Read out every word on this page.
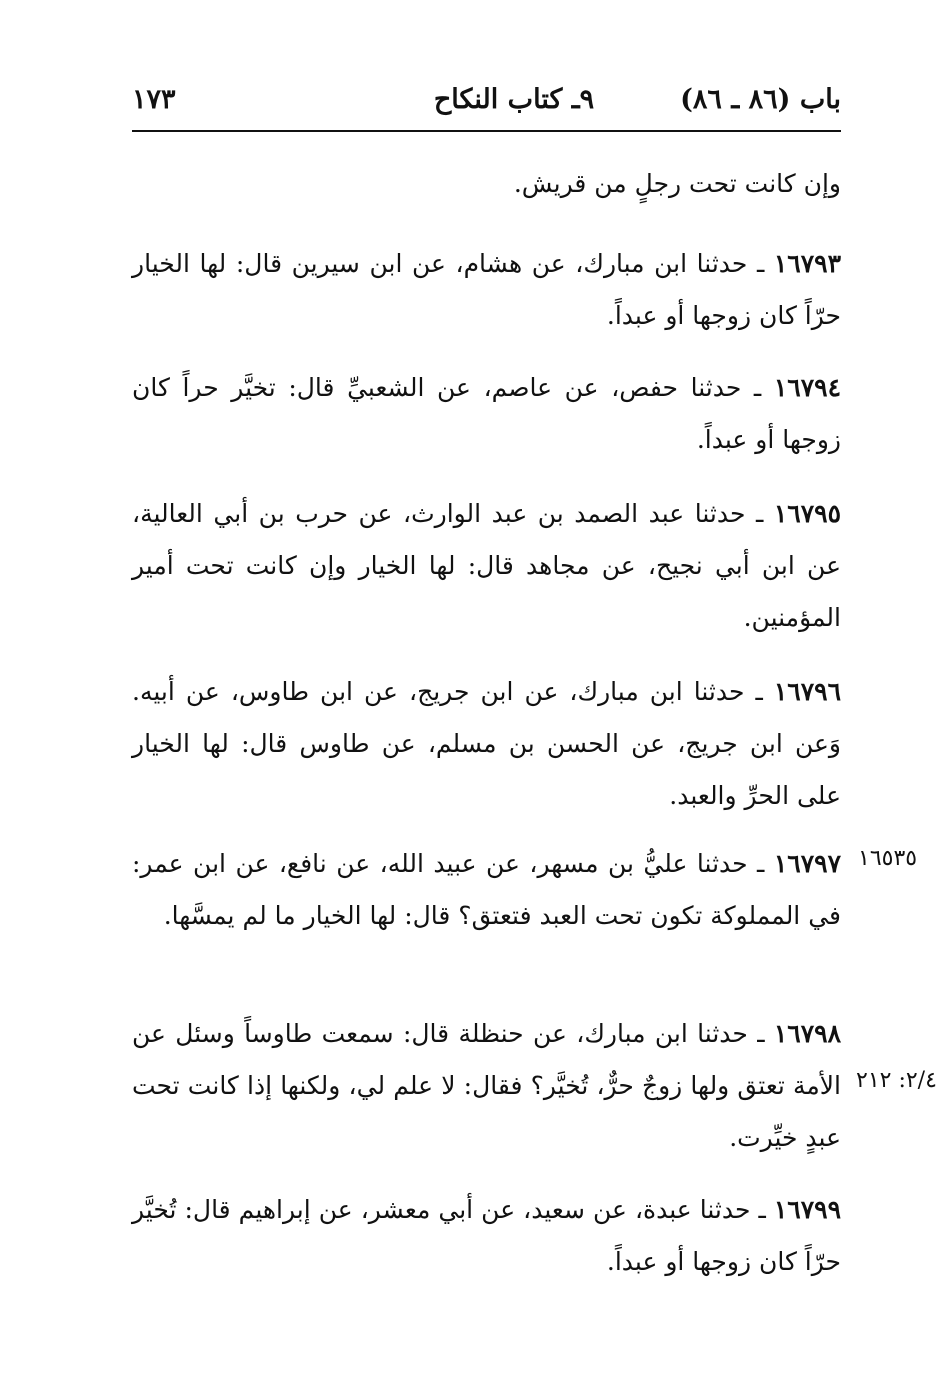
باب (٨٦ ـ ٨٦)
٩ـ كتاب النكاح
١٧٣

وإن كانت تحت رجلٍ من قريش.

١٦٧٩٣ ـ حدثنا ابن مبارك، عن هشام، عن ابن سيرين قال: لها الخيار حرّاً كان زوجها أو عبداً.

١٦٧٩٤ ـ حدثنا حفص، عن عاصم، عن الشعبيِّ قال: تخيَّر حراً كان زوجها أو عبداً.

١٦٧٩٥ ـ حدثنا عبد الصمد بن عبد الوارث، عن حرب بن أبي العالية، عن ابن أبي نجيح، عن مجاهد قال: لها الخيار وإن كانت تحت أمير المؤمنين.

١٦٧٩٦ ـ حدثنا ابن مبارك، عن ابن جريج، عن ابن طاوس، عن أبيه. وَعن ابن جريج، عن الحسن بن مسلم، عن طاوس قال: لها الخيار على الحرِّ والعبد.

١٦٧٩٧ ـ حدثنا عليُّ بن مسهر، عن عبيد الله، عن نافع، عن ابن عمر: في المملوكة تكون تحت العبد فتعتق؟ قال: لها الخيار ما لم يمسَّها.

١٦٧٩٨ ـ حدثنا ابن مبارك، عن حنظلة قال: سمعت طاوساً وسئل عن الأمة تعتق ولها زوجٌ حرٌّ، تُخيَّر؟ فقال: لا علم لي، ولكنها إذا كانت تحت عبدٍ خيِّرت.

١٦٧٩٩ ـ حدثنا عبدة، عن سعيد، عن أبي معشر، عن إبراهيم قال: تُخيَّر حرّاً كان زوجها أو عبداً.

١٦٥٣٥
٢/٤: ٢١٢
